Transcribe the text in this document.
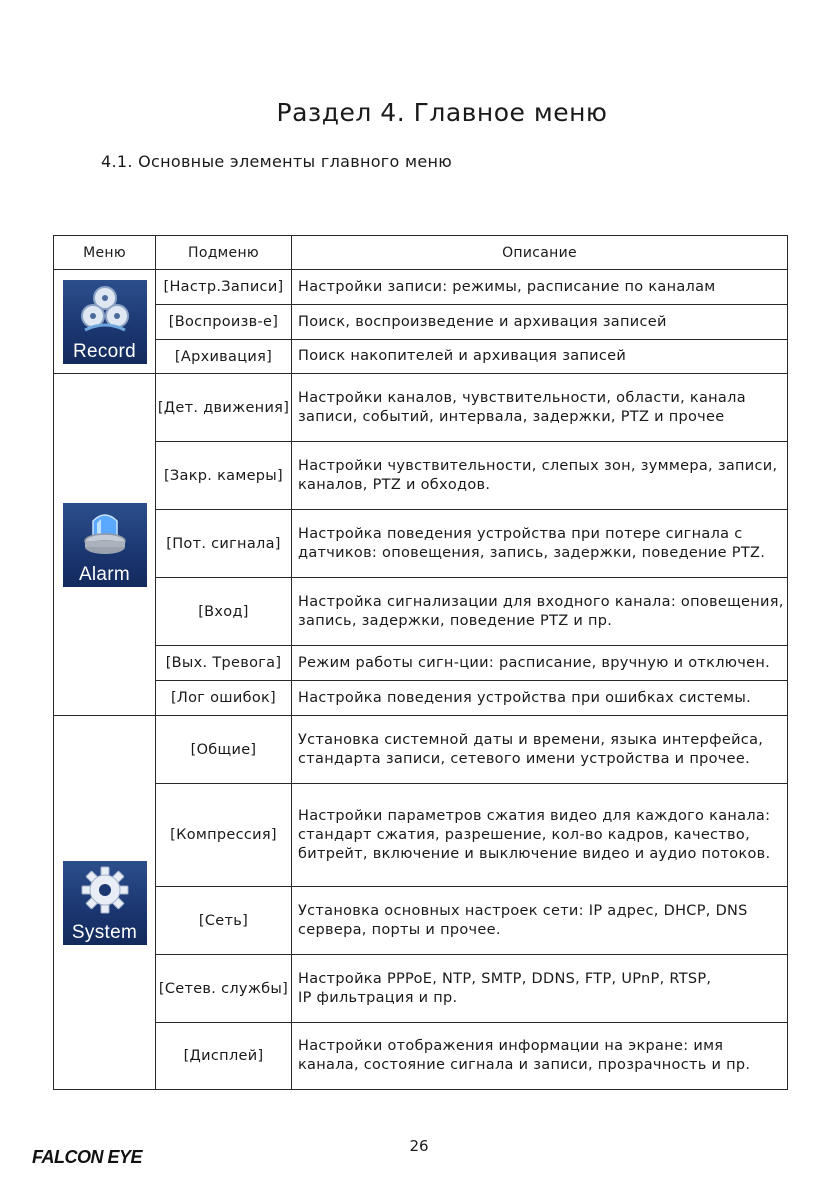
Раздел 4. Главное меню
4.1. Основные элементы главного меню
Меню	Подменю	Описание

Record	[Настр.Записи]	Настройки записи: режимы, расписание по каналам
	[Воспроизв-е]	Поиск, воспроизведение и архивация записей
	[Архивация]	Поиск накопителей и архивация записей

Alarm	[Дет. движения]	Настройки каналов, чувствительности, области, канала
записи, событий, интервала, задержки, PTZ и прочее

	[Закр. камеры]	Настройки чувствительности, слепых зон, зуммера, записи,
каналов, PTZ и обходов.

	[Пот. сигнала]	Настройка поведения устройства при потере сигнала с
датчиков: оповещения, запись, задержки, поведение PTZ.

	[Вход]	Настройка сигнализации для входного канала: оповещения,
запись, задержки, поведение PTZ и пр.

	[Вых. Тревога]	Режим работы сигн-ции: расписание, вручную и отключен.
	[Лог ошибок]	Настройка поведения устройства при ошибках системы.

System	[Общие]	Установка системной даты и времени, языка интерфейса,
стандарта записи, сетевого имени устройства и прочее.

	[Компрессия]	Настройки параметров сжатия видео для каждого канала:
стандарт сжатия, разрешение, кол-во кадров, качество,
битрейт, включение и выключение видео и аудио потоков.

	[Сеть]	Установка основных настроек сети: IP адрес, DHCP, DNS
сервера, порты и прочее.

	[Сетев. службы]	Настройка PPPoE, NTP, SMTP, DDNS, FTP, UPnP, RTSP,
IP фильтрация и пр.

	[Дисплей]	Настройки отображения информации на экране: имя
канала, состояние сигнала и записи, прозрачность и пр.
26
FALCON EYE
